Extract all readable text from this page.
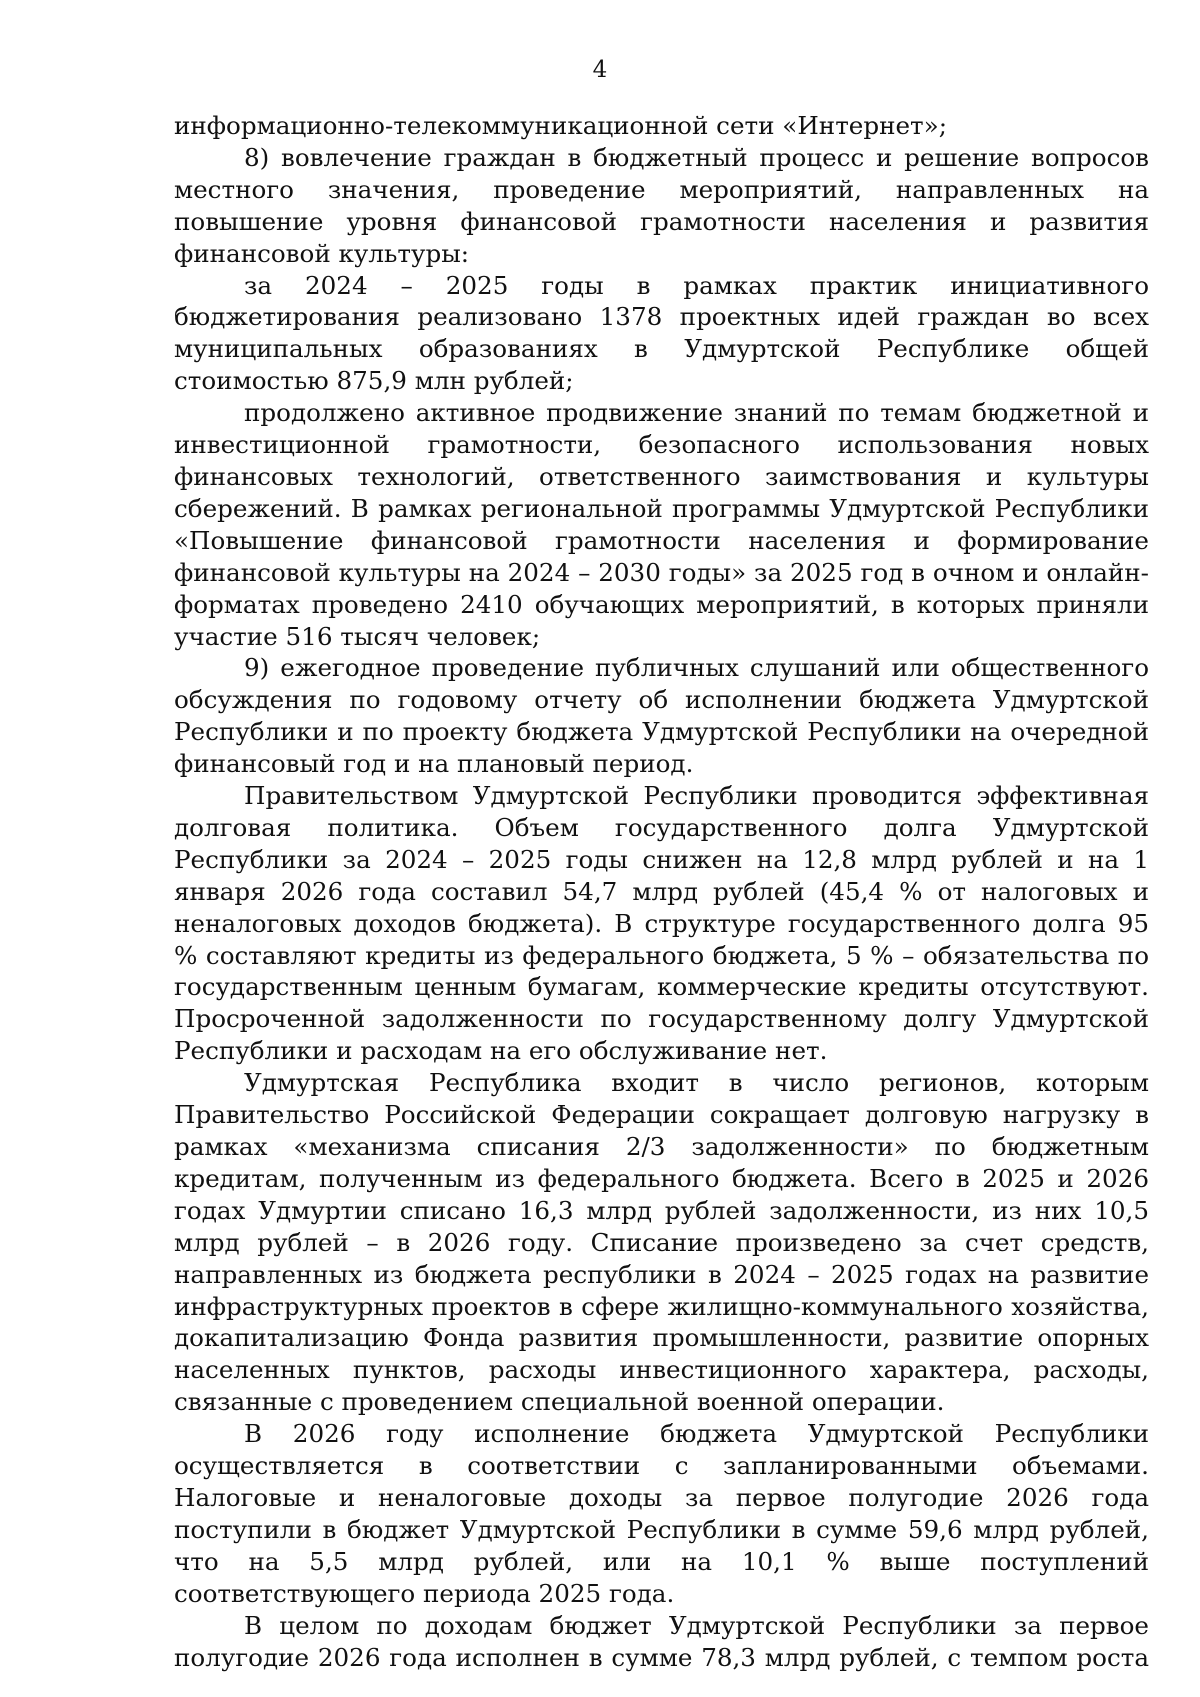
4

информационно-телекоммуникационной сети «Интернет»;

8) вовлечение граждан в бюджетный процесс и решение вопросов местного значения, проведение мероприятий, направленных на повышение уровня финансовой грамотности населения и развития финансовой культуры:

за 2024 – 2025 годы в рамках практик инициативного бюджетирования реализовано 1378 проектных идей граждан во всех муниципальных образованиях в Удмуртской Республике общей стоимостью 875,9 млн рублей;

продолжено активное продвижение знаний по темам бюджетной и инвестиционной грамотности, безопасного использования новых финансовых технологий, ответственного заимствования и культуры сбережений. В рамках региональной программы Удмуртской Республики «Повышение финансовой грамотности населения и формирование финансовой культуры на 2024 – 2030 годы» за 2025 год в очном и онлайн-форматах проведено 2410 обучающих мероприятий, в которых приняли участие 516 тысяч человек;

9) ежегодное проведение публичных слушаний или общественного обсуждения по годовому отчету об исполнении бюджета Удмуртской Республики и по проекту бюджета Удмуртской Республики на очередной финансовый год и на плановый период.

Правительством Удмуртской Республики проводится эффективная долговая политика. Объем государственного долга Удмуртской Республики за 2024 – 2025 годы снижен на 12,8 млрд рублей и на 1 января 2026 года составил 54,7 млрд рублей (45,4 % от налоговых и неналоговых доходов бюджета). В структуре государственного долга 95 % составляют кредиты из федерального бюджета, 5 % – обязательства по государственным ценным бумагам, коммерческие кредиты отсутствуют. Просроченной задолженности по государственному долгу Удмуртской Республики и расходам на его обслуживание нет.

Удмуртская Республика входит в число регионов, которым Правительство Российской Федерации сокращает долговую нагрузку в рамках «механизма списания 2/3 задолженности» по бюджетным кредитам, полученным из федерального бюджета. Всего в 2025 и 2026 годах Удмуртии списано 16,3 млрд рублей задолженности, из них 10,5 млрд рублей – в 2026 году. Списание произведено за счет средств, направленных из бюджета республики в 2024 – 2025 годах на развитие инфраструктурных проектов в сфере жилищно-коммунального хозяйства, докапитализацию Фонда развития промышленности, развитие опорных населенных пунктов, расходы инвестиционного характера, расходы, связанные с проведением специальной военной операции.

В 2026 году исполнение бюджета Удмуртской Республики осуществляется в соответствии с запланированными объемами. Налоговые и неналоговые доходы за первое полугодие 2026 года поступили в бюджет Удмуртской Республики в сумме 59,6 млрд рублей, что на 5,5 млрд рублей, или на 10,1 % выше поступлений соответствующего периода 2025 года.

В целом по доходам бюджет Удмуртской Республики за первое полугодие 2026 года исполнен в сумме 78,3 млрд рублей, с темпом роста
